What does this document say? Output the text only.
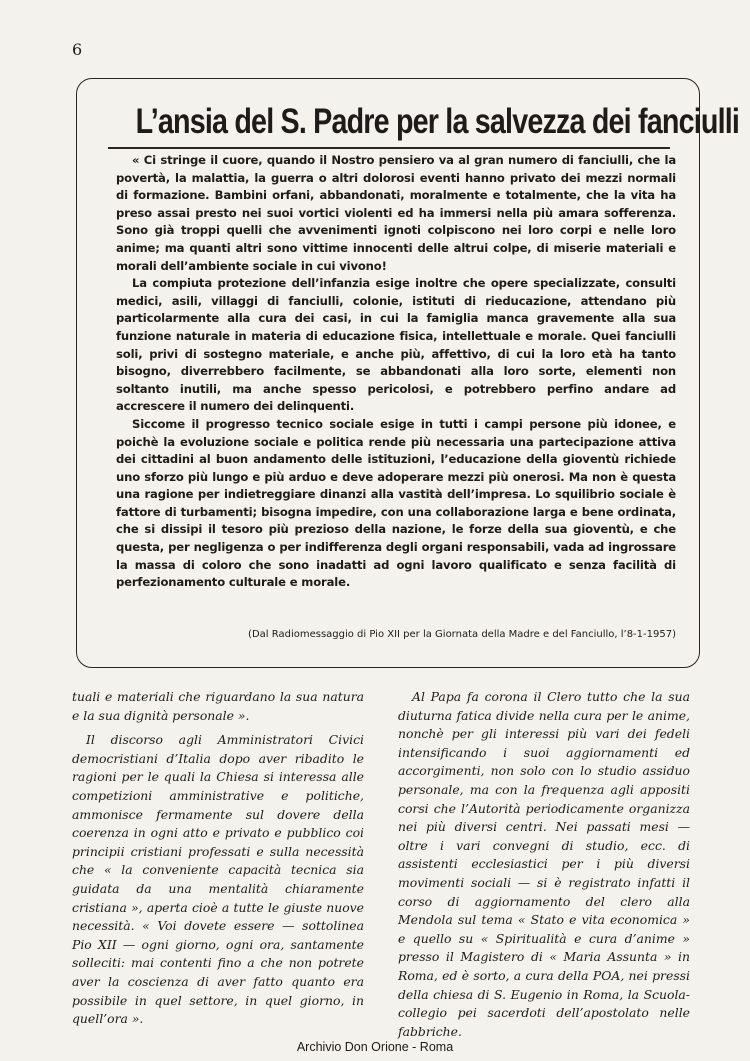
6
L’ansia del S. Padre per la salvezza dei fanciulli

« Ci stringe il cuore, quando il Nostro pensiero va al gran numero di fanciulli, che la povertà, la malattia, la guerra o altri dolorosi eventi hanno privato dei mezzi normali di formazione. Bambini orfani, abbandonati, moralmente e totalmente, che la vita ha preso assai presto nei suoi vortici violenti ed ha immersi nella più amara sofferenza. Sono già troppi quelli che avvenimenti ignoti colpiscono nei loro corpi e nelle loro anime; ma quanti altri sono vittime innocenti delle altrui colpe, di miserie materiali e morali dell’ambiente sociale in cui vivono!

La compiuta protezione dell’infanzia esige inoltre che opere specializzate, consulti medici, asili, villaggi di fanciulli, colonie, istituti di rieducazione, attendano più particolarmente alla cura dei casi, in cui la famiglia manca gravemente alla sua funzione naturale in materia di educazione fisica, intellettuale e morale. Quei fanciulli soli, privi di sostegno materiale, e anche più, affettivo, di cui la loro età ha tanto bisogno, diverrebbero facilmente, se abbandonati alla loro sorte, elementi non soltanto inutili, ma anche spesso pericolosi, e potrebbero perfino andare ad accrescere il numero dei delinquenti.

Siccome il progresso tecnico sociale esige in tutti i campi persone più idonee, e poichè la evoluzione sociale e politica rende più necessaria una partecipazione attiva dei cittadini al buon andamento delle istituzioni, l’educazione della gioventù richiede uno sforzo più lungo e più arduo e deve adoperare mezzi più onerosi. Ma non è questa una ragione per indietreggiare dinanzi alla vastità dell’impresa. Lo squilibrio sociale è fattore di turbamenti; bisogna impedire, con una collaborazione larga e bene ordinata, che si dissipi il tesoro più prezioso della nazione, le forze della sua gioventù, e che questa, per negligenza o per indifferenza degli organi responsabili, vada ad ingrossare la massa di coloro che sono inadatti ad ogni lavoro qualificato e senza facilità di perfezionamento culturale e morale.

(Dal Radiomessaggio di Pio XII per la Giornata della Madre e del Fanciullo, l’8-1-1957)

tuali e materiali che riguardano la sua natura e la sua dignità personale ».

Il discorso agli Amministratori Civici democristiani d’Italia dopo aver ribadito le ragioni per le quali la Chiesa si interessa alle competizioni amministrative e politiche, ammonisce fermamente sul dovere della coerenza in ogni atto e privato e pubblico coi principii cristiani professati e sulla necessità che « la conveniente capacità tecnica sia guidata da una mentalità chiaramente cristiana », aperta cioè a tutte le giuste nuove necessità. « Voi dovete essere — sottolinea Pio XII — ogni giorno, ogni ora, santamente solleciti: mai contenti fino a che non potrete aver la coscienza di aver fatto quanto era possibile in quel settore, in quel giorno, in quell’ora ».

Al Papa fa corona il Clero tutto che la sua diuturna fatica divide nella cura per le anime, nonchè per gli interessi più vari dei fedeli intensificando i suoi aggiornamenti ed accorgimenti, non solo con lo studio assiduo personale, ma con la frequenza agli appositi corsi che l’Autorità periodicamente organizza nei più diversi centri. Nei passati mesi — oltre i vari convegni di studio, ecc. di assistenti ecclesiastici per i più diversi movimenti sociali — si è registrato infatti il corso di aggiornamento del clero alla Mendola sul tema « Stato e vita economica » e quello su « Spiritualità e cura d’anime » presso il Magistero di « Maria Assunta » in Roma, ed è sorto, a cura della POA, nei pressi della chiesa di S. Eugenio in Roma, la Scuola-collegio pei sacerdoti dell’apostolato nelle fabbriche.

Archivio Don Orione - Roma
